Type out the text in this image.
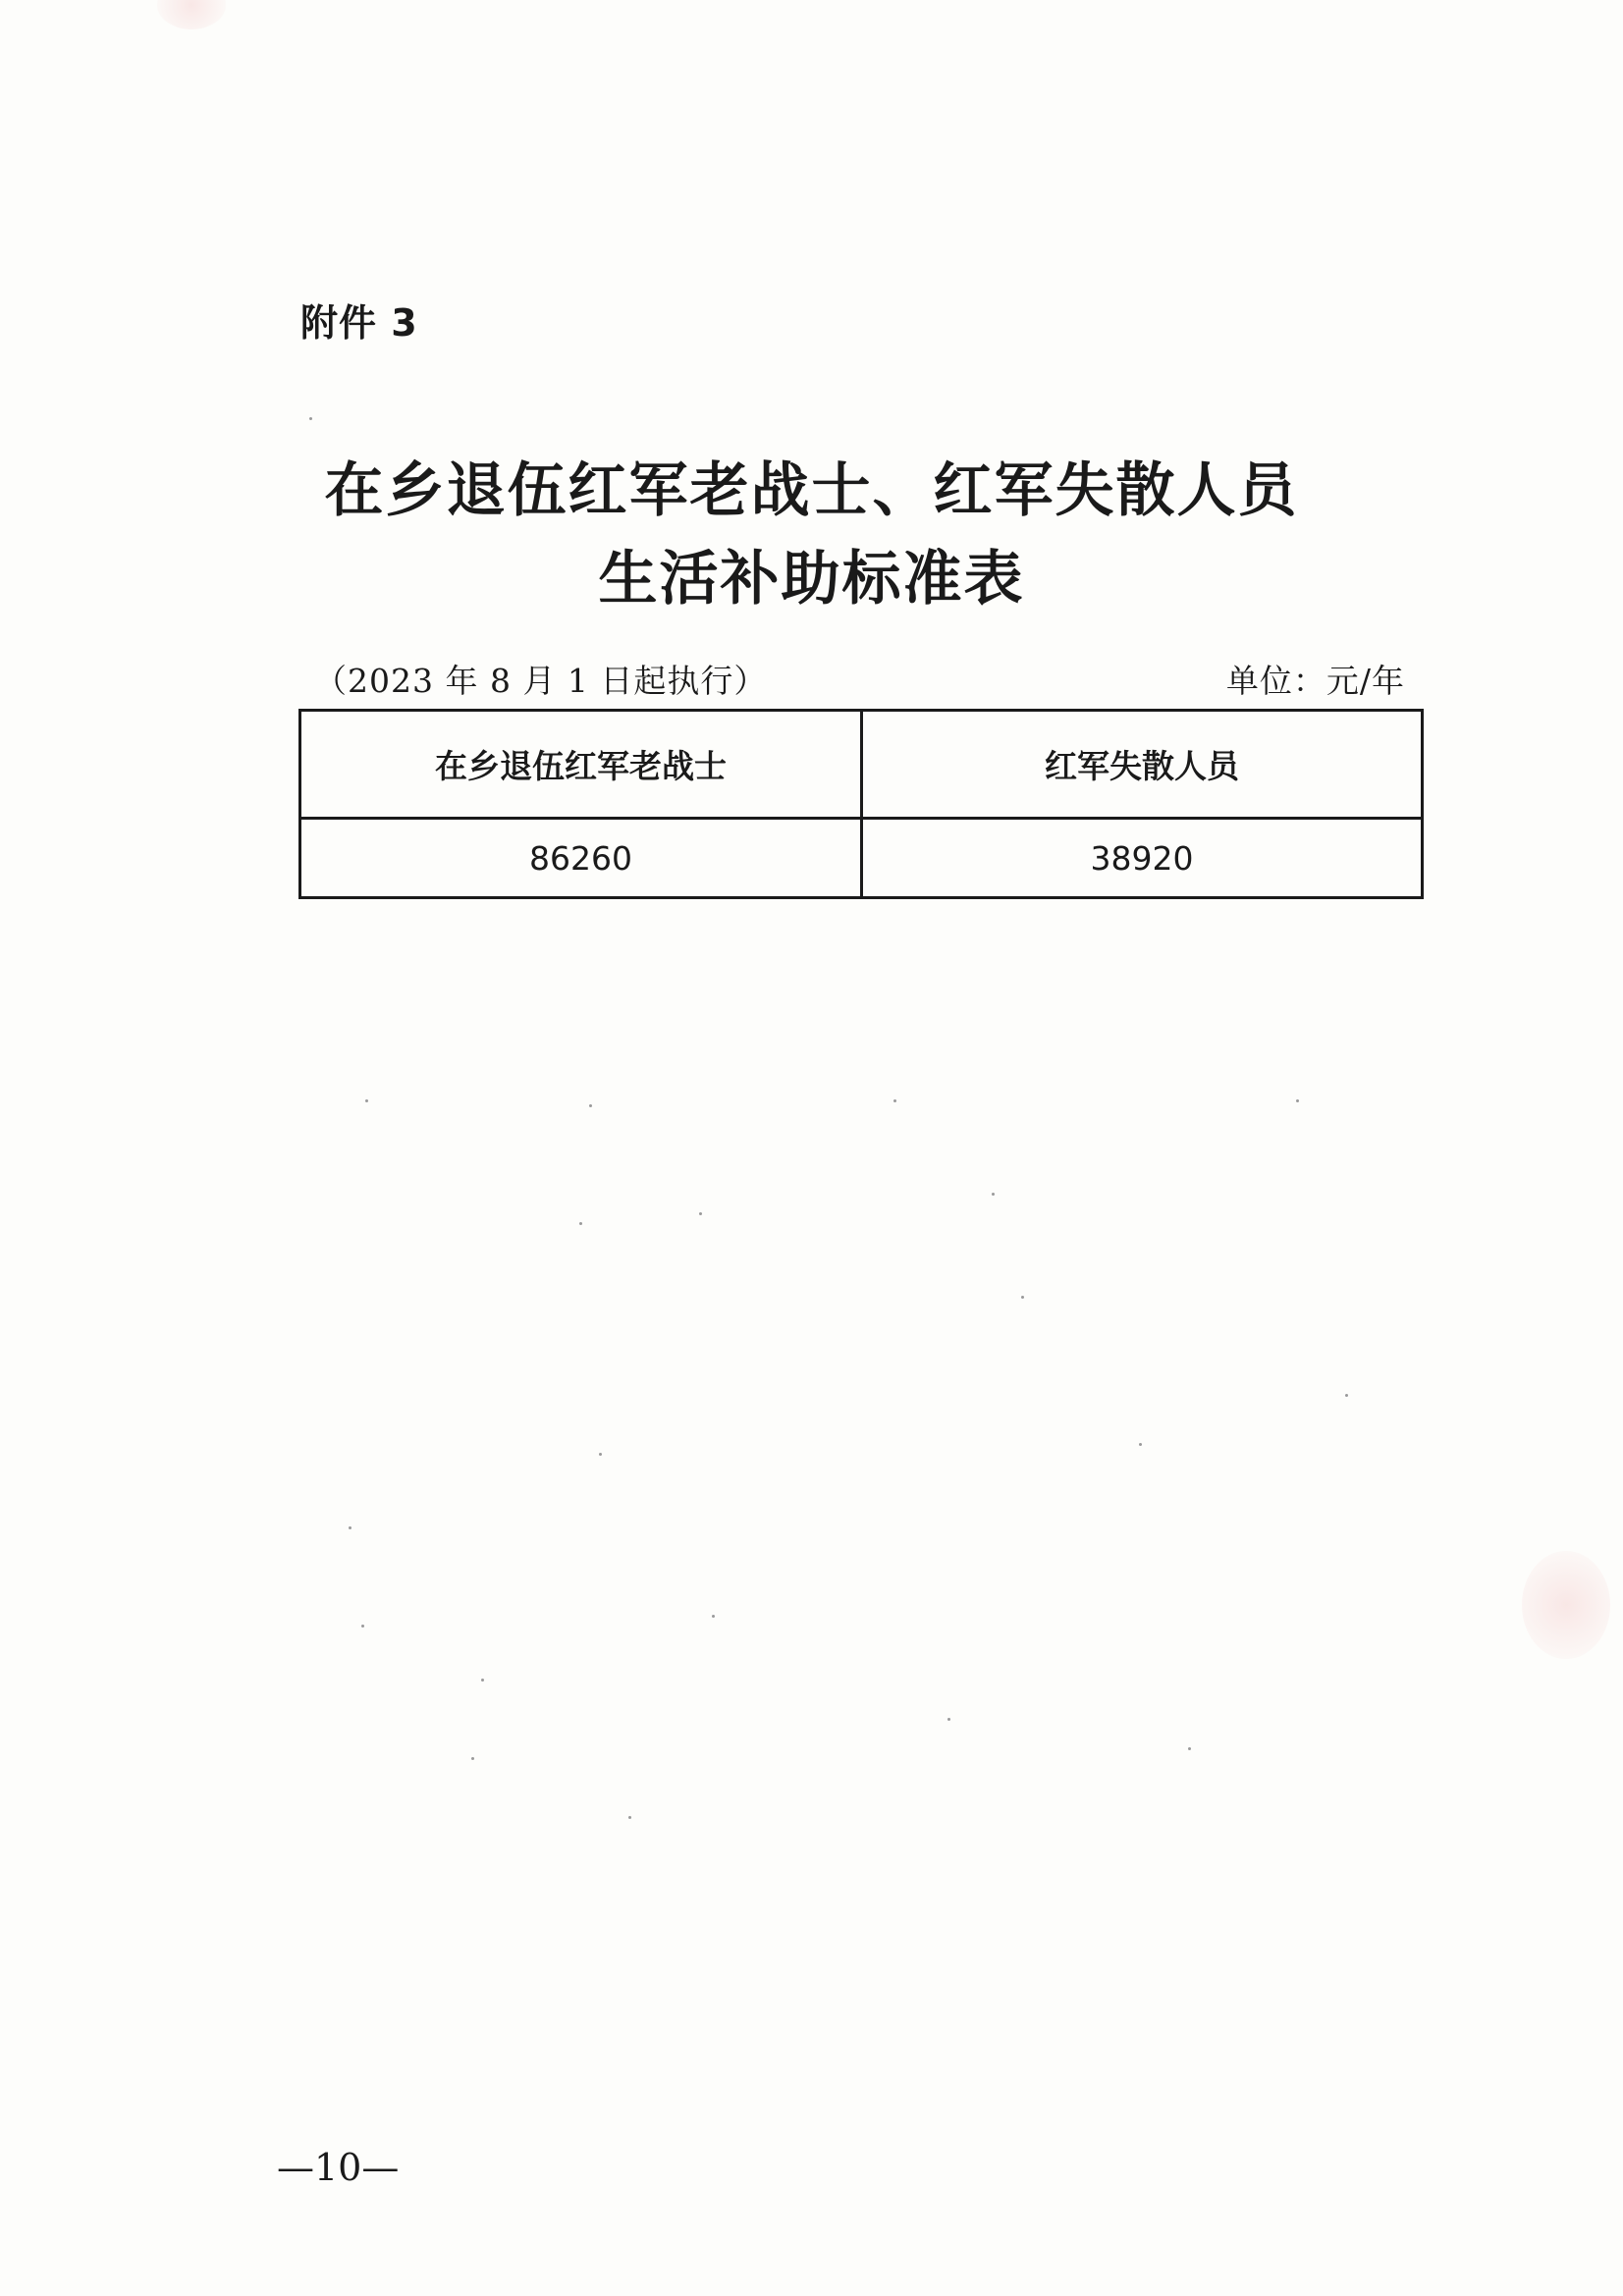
附件 3
在乡退伍红军老战士、红军失散人员
生活补助标准表
（2023 年 8 月 1 日起执行）	单位：元/年
在乡退伍红军老战士	红军失散人员
86260	38920
—10—
